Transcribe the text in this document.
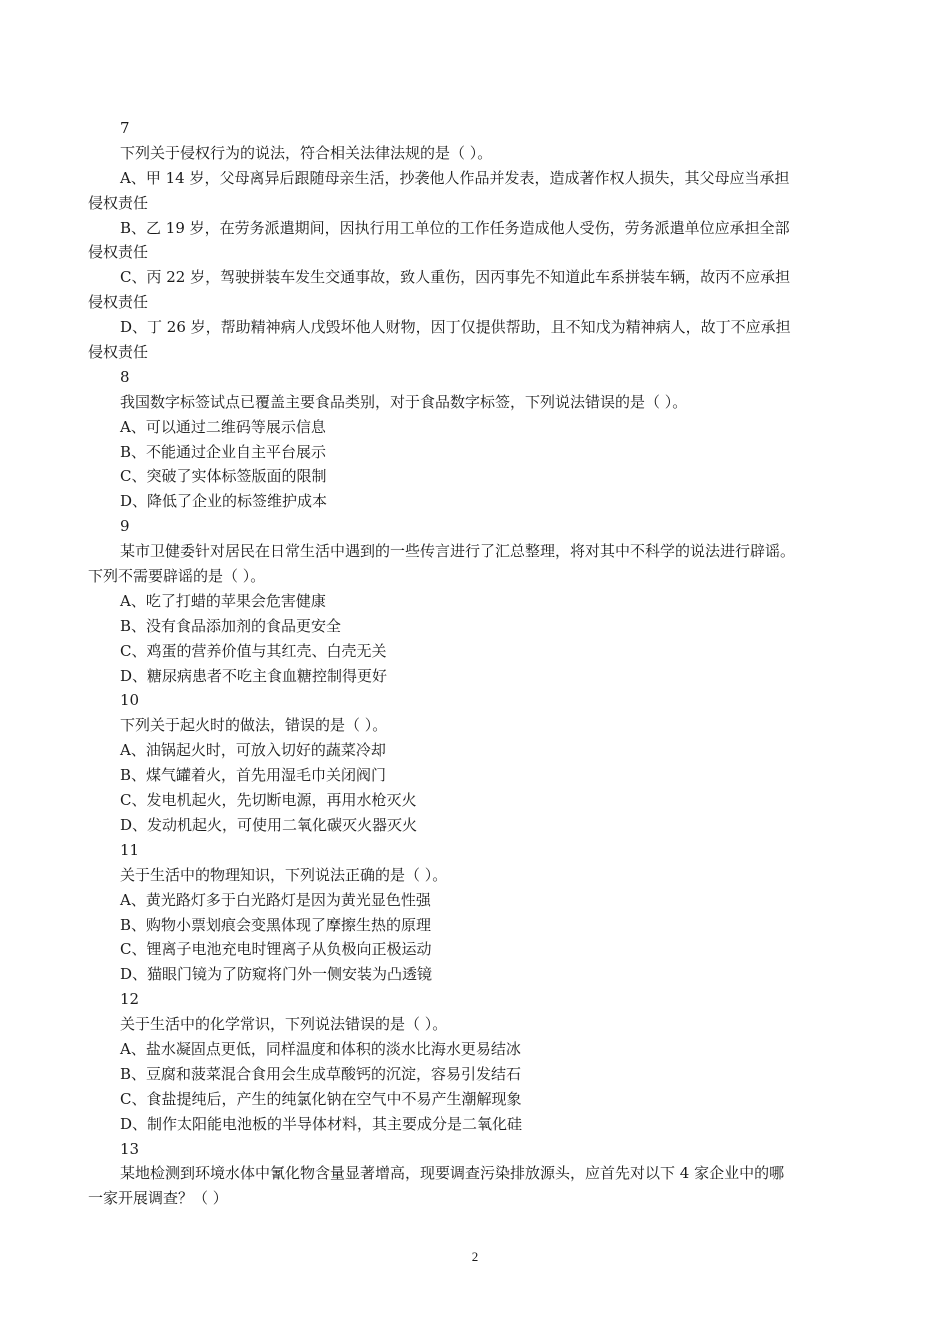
7
下列关于侵权行为的说法，符合相关法律法规的是（ ）。
A、甲 14 岁，父母离异后跟随母亲生活，抄袭他人作品并发表，造成著作权人损失，其父母应当承担
侵权责任
B、乙 19 岁，在劳务派遣期间，因执行用工单位的工作任务造成他人受伤，劳务派遣单位应承担全部
侵权责任
C、丙 22 岁，驾驶拼装车发生交通事故，致人重伤，因丙事先不知道此车系拼装车辆，故丙不应承担
侵权责任
D、丁 26 岁，帮助精神病人戊毁坏他人财物，因丁仅提供帮助，且不知戊为精神病人，故丁不应承担
侵权责任
8
我国数字标签试点已覆盖主要食品类别，对于食品数字标签，下列说法错误的是（ ）。
A、可以通过二维码等展示信息
B、不能通过企业自主平台展示
C、突破了实体标签版面的限制
D、降低了企业的标签维护成本
9
某市卫健委针对居民在日常生活中遇到的一些传言进行了汇总整理，将对其中不科学的说法进行辟谣。
下列不需要辟谣的是（ ）。
A、吃了打蜡的苹果会危害健康
B、没有食品添加剂的食品更安全
C、鸡蛋的营养价值与其红壳、白壳无关
D、糖尿病患者不吃主食血糖控制得更好
10
下列关于起火时的做法，错误的是（ ）。
A、油锅起火时，可放入切好的蔬菜冷却
B、煤气罐着火，首先用湿毛巾关闭阀门
C、发电机起火，先切断电源，再用水枪灭火
D、发动机起火，可使用二氧化碳灭火器灭火
11
关于生活中的物理知识，下列说法正确的是（ ）。
A、黄光路灯多于白光路灯是因为黄光显色性强
B、购物小票划痕会变黑体现了摩擦生热的原理
C、锂离子电池充电时锂离子从负极向正极运动
D、猫眼门镜为了防窥将门外一侧安装为凸透镜
12
关于生活中的化学常识，下列说法错误的是（ ）。
A、盐水凝固点更低，同样温度和体积的淡水比海水更易结冰
B、豆腐和菠菜混合食用会生成草酸钙的沉淀，容易引发结石
C、食盐提纯后，产生的纯氯化钠在空气中不易产生潮解现象
D、制作太阳能电池板的半导体材料，其主要成分是二氧化硅
13
某地检测到环境水体中氰化物含量显著增高，现要调查污染排放源头，应首先对以下 4 家企业中的哪
一家开展调查？（ ）
2
